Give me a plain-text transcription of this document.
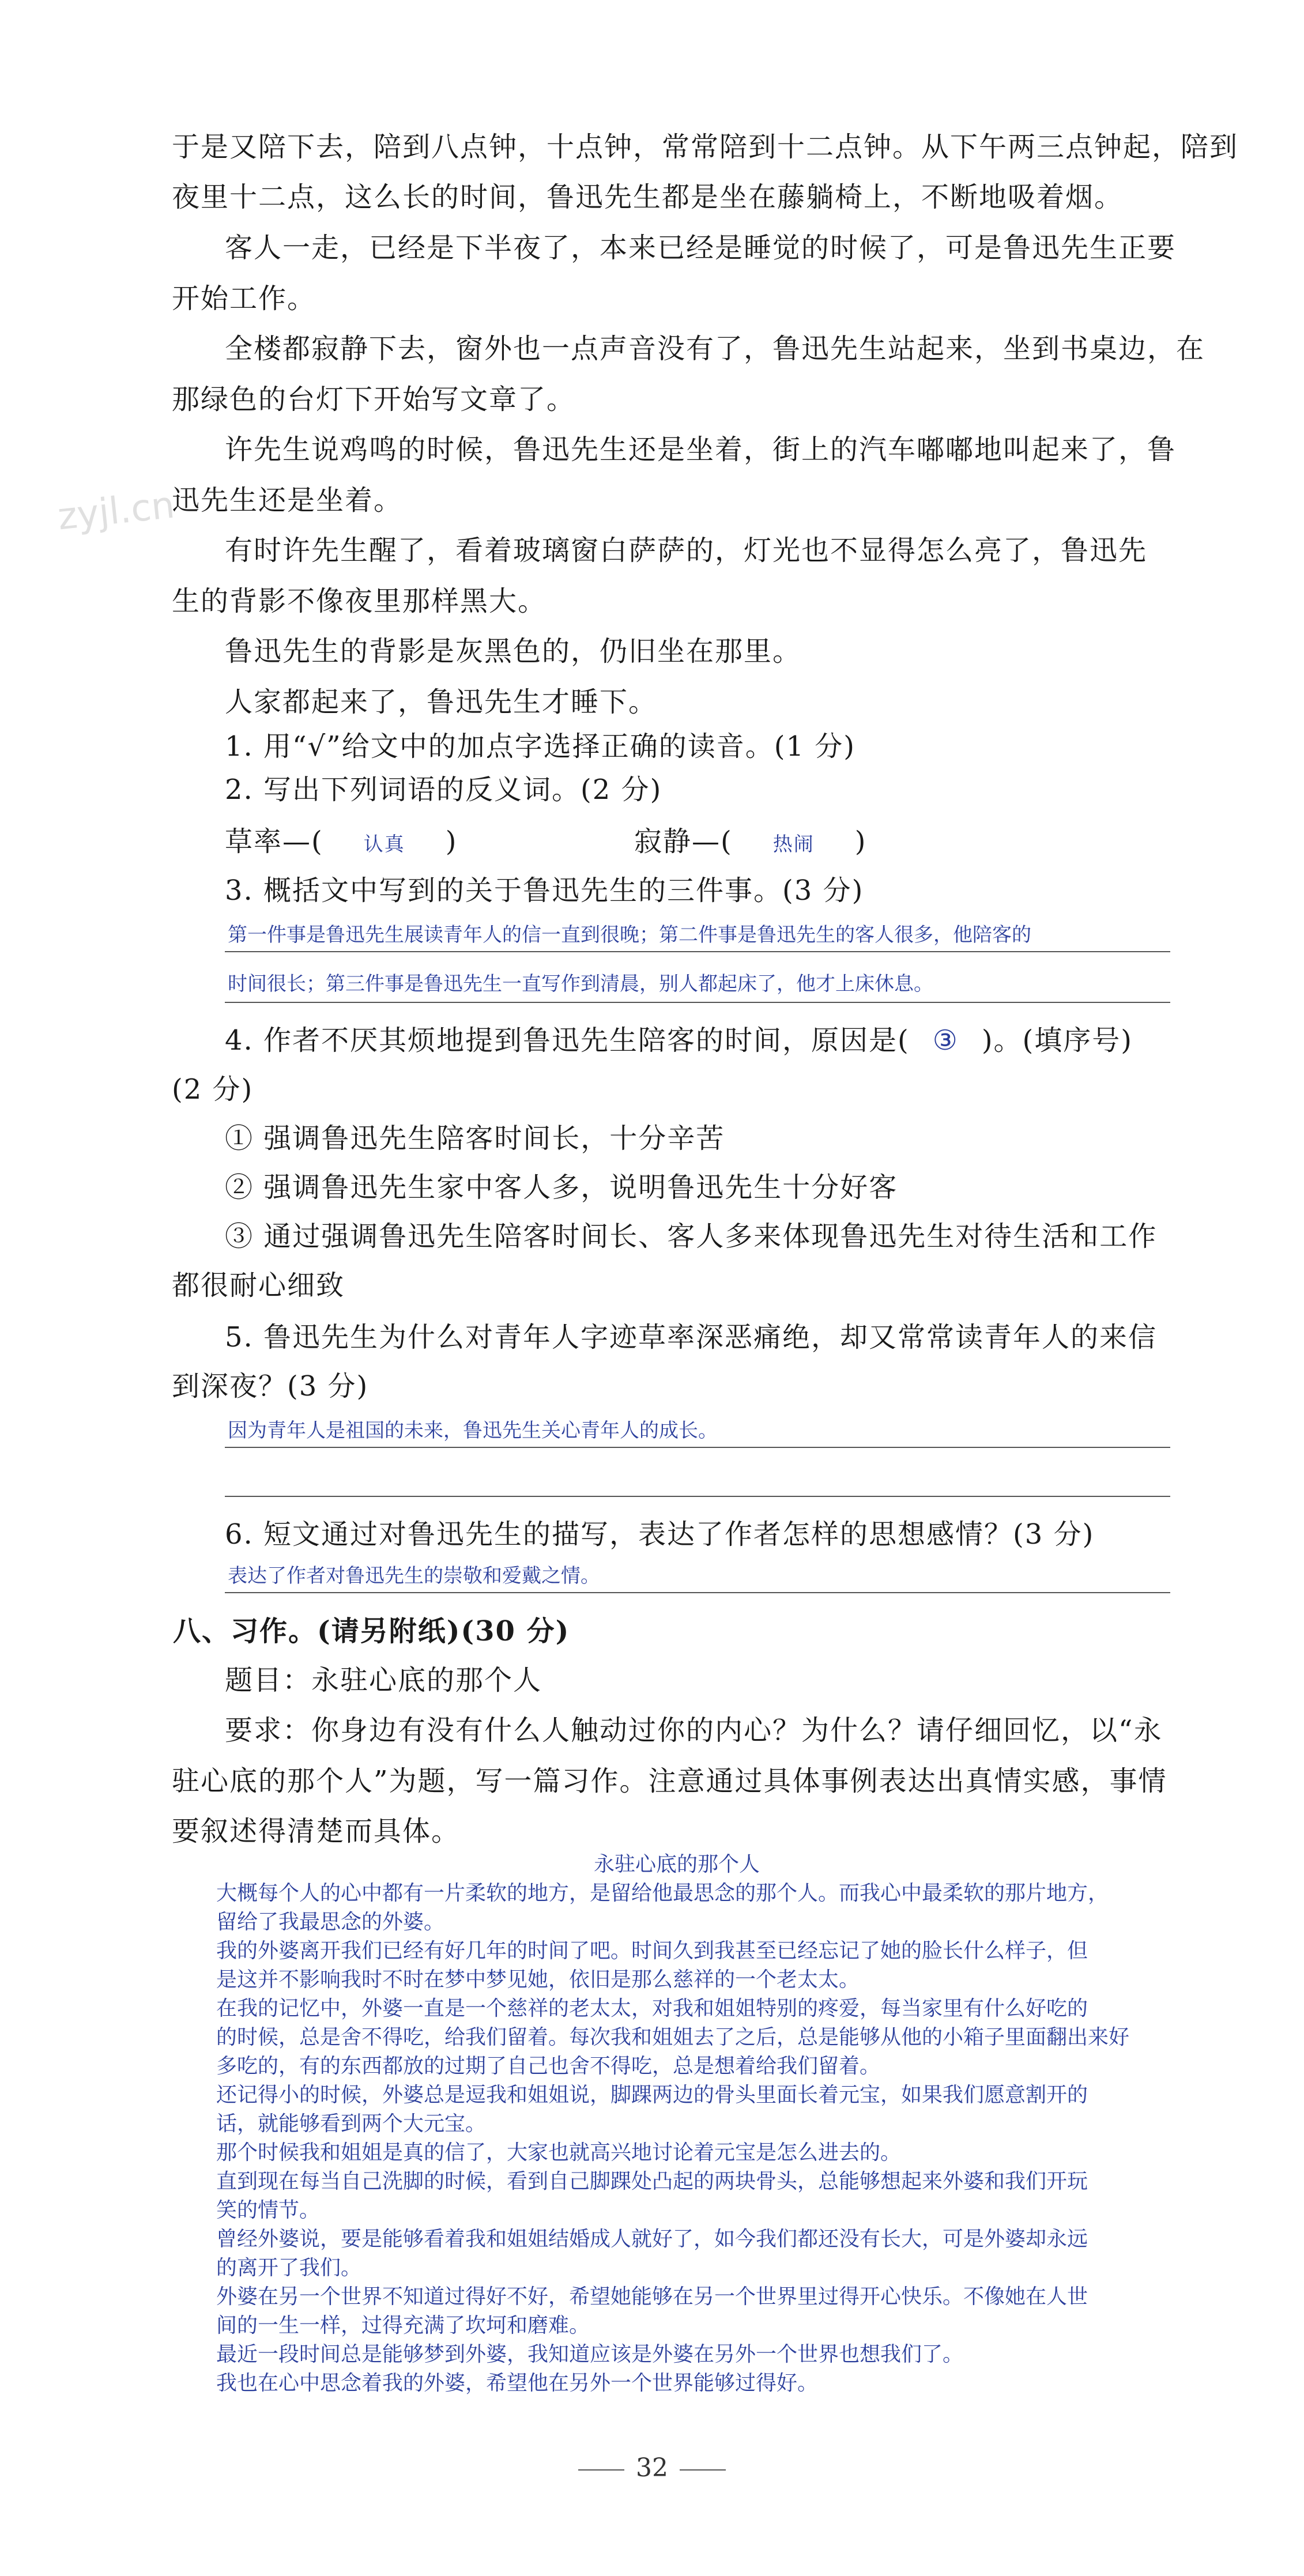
zyjl.cn
于是又陪下去，陪到八点钟，十点钟，常常陪到十二点钟。从下午两三点钟起，陪到
夜里十二点，这么长的时间，鲁迅先生都是坐在藤躺椅上，不断地吸着烟。
客人一走，已经是下半夜了，本来已经是睡觉的时候了，可是鲁迅先生正要
开始工作。
全楼都寂静下去，窗外也一点声音没有了，鲁迅先生站起来，坐到书桌边，在
那绿色的台灯下开始写文章了。
许先生说鸡鸣的时候，鲁迅先生还是坐着，街上的汽车嘟嘟地叫起来了，鲁
迅先生还是坐着。
有时许先生醒了，看着玻璃窗白萨萨的，灯光也不显得怎么亮了，鲁迅先
生的背影不像夜里那样黑大。
鲁迅先生的背影是灰黑色的，仍旧坐在那里。
人家都起来了，鲁迅先生才睡下。
1. 用“√”给文中的加点字选择正确的读音。(1 分)
2. 写出下列词语的反义词。(2 分)
草率—( 认真 )	寂静—( 热闹 )
3. 概括文中写到的关于鲁迅先生的三件事。(3 分)
第一件事是鲁迅先生展读青年人的信一直到很晚；第二件事是鲁迅先生的客人很多，他陪客的
时间很长；第三件事是鲁迅先生一直写作到清晨，别人都起床了，他才上床休息。
4. 作者不厌其烦地提到鲁迅先生陪客的时间，原因是( ③ )。(填序号)
(2 分)
① 强调鲁迅先生陪客时间长，十分辛苦
② 强调鲁迅先生家中客人多，说明鲁迅先生十分好客
③ 通过强调鲁迅先生陪客时间长、客人多来体现鲁迅先生对待生活和工作
都很耐心细致
5. 鲁迅先生为什么对青年人字迹草率深恶痛绝，却又常常读青年人的来信
到深夜？(3 分)
因为青年人是祖国的未来，鲁迅先生关心青年人的成长。
6. 短文通过对鲁迅先生的描写，表达了作者怎样的思想感情？(3 分)
表达了作者对鲁迅先生的崇敬和爱戴之情。
八、习作。(请另附纸)(30 分)
题目：永驻心底的那个人
要求：你身边有没有什么人触动过你的内心？为什么？请仔细回忆，以“永
驻心底的那个人”为题，写一篇习作。注意通过具体事例表达出真情实感，事情
要叙述得清楚而具体。
永驻心底的那个人
大概每个人的心中都有一片柔软的地方，是留给他最思念的那个人。而我心中最柔软的那片地方，
留给了我最思念的外婆。
我的外婆离开我们已经有好几年的时间了吧。时间久到我甚至已经忘记了她的脸长什么样子，但
是这并不影响我时不时在梦中梦见她，依旧是那么慈祥的一个老太太。
在我的记忆中，外婆一直是一个慈祥的老太太，对我和姐姐特别的疼爱，每当家里有什么好吃的
的时候，总是舍不得吃，给我们留着。每次我和姐姐去了之后，总是能够从他的小箱子里面翻出来好
多吃的，有的东西都放的过期了自己也舍不得吃，总是想着给我们留着。
还记得小的时候，外婆总是逗我和姐姐说，脚踝两边的骨头里面长着元宝，如果我们愿意割开的
话，就能够看到两个大元宝。
那个时候我和姐姐是真的信了，大家也就高兴地讨论着元宝是怎么进去的。
直到现在每当自己洗脚的时候，看到自己脚踝处凸起的两块骨头，总能够想起来外婆和我们开玩
笑的情节。
曾经外婆说，要是能够看着我和姐姐结婚成人就好了，如今我们都还没有长大，可是外婆却永远
的离开了我们。
外婆在另一个世界不知道过得好不好，希望她能够在另一个世界里过得开心快乐。不像她在人世
间的一生一样，过得充满了坎坷和磨难。
最近一段时间总是能够梦到外婆，我知道应该是外婆在另外一个世界也想我们了。
我也在心中思念着我的外婆，希望他在另外一个世界能够过得好。
32
